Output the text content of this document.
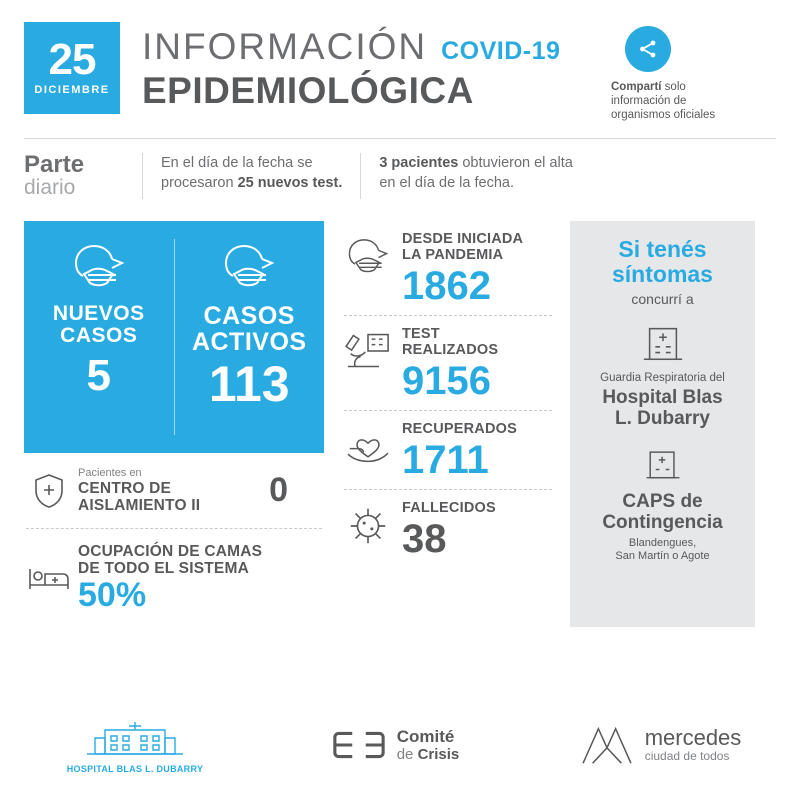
25
DICIEMBRE
INFORMACIÓN COVID-19
EPIDEMIOLÓGICA	Compartí solo
información de
organismos oficiales
Parte
diario
En el día de la fecha se
procesaron 25 nuevos test.
3 pacientes obtuvieron el alta
en el día de la fecha.
NUEVOS
CASOS
5
CASOS
ACTIVOS
113
Pacientes en
CENTRO DE
AISLAMIENTO II 0
OCUPACIÓN DE CAMAS
DE TODO EL SISTEMA
50%
DESDE INICIADA
LA PANDEMIA
1862
TEST
REALIZADOS
9156
RECUPERADOS
1711
FALLECIDOS
38
Si tenés
síntomas
concurrí a
Guardia Respiratoria del
Hospital Blas
L. Dubarry
CAPS de
Contingencia
Blandengues,
San Martín o Agote
HOSPITAL BLAS L. DUBARRY
Comité
de Crisis
mercedes
ciudad de todos
